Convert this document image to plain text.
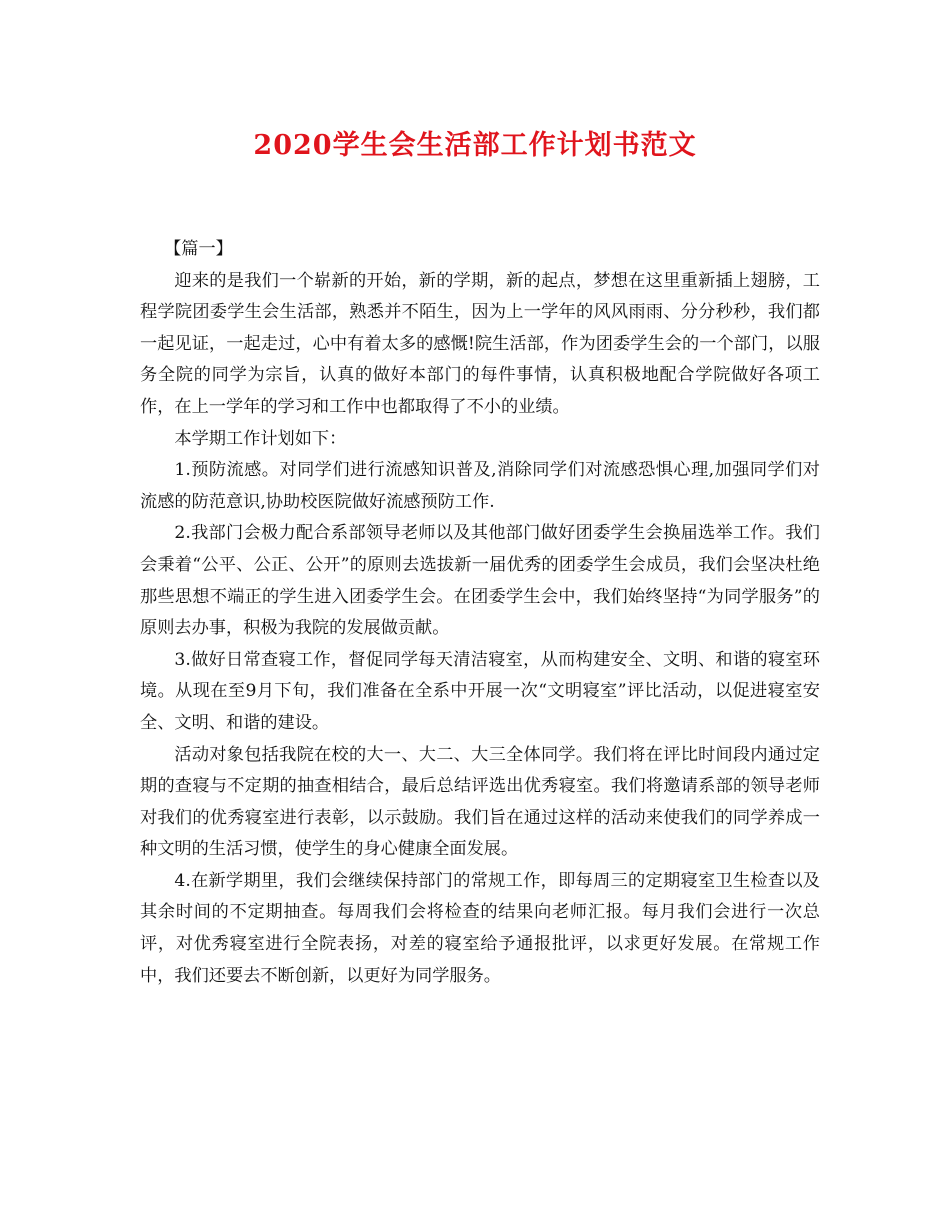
2020学生会生活部工作计划书范文

【篇一】

迎来的是我们一个崭新的开始，新的学期，新的起点，梦想在这里重新插上翅膀，工程学院团委学生会生活部，熟悉并不陌生，因为上一学年的风风雨雨、分分秒秒，我们都一起见证，一起走过，心中有着太多的感慨!院生活部，作为团委学生会的一个部门，以服务全院的同学为宗旨，认真的做好本部门的每件事情，认真积极地配合学院做好各项工作，在上一学年的学习和工作中也都取得了不小的业绩。

本学期工作计划如下：

1.预防流感。对同学们进行流感知识普及,消除同学们对流感恐惧心理,加强同学们对流感的防范意识,协助校医院做好流感预防工作.

2.我部门会极力配合系部领导老师以及其他部门做好团委学生会换届选举工作。我们会秉着“公平、公正、公开”的原则去选拔新一届优秀的团委学生会成员，我们会坚决杜绝那些思想不端正的学生进入团委学生会。在团委学生会中，我们始终坚持“为同学服务”的原则去办事，积极为我院的发展做贡献。

3.做好日常查寝工作，督促同学每天清洁寝室，从而构建安全、文明、和谐的寝室环境。从现在至9月下旬，我们准备在全系中开展一次“文明寝室”评比活动，以促进寝室安全、文明、和谐的建设。

活动对象包括我院在校的大一、大二、大三全体同学。我们将在评比时间段内通过定期的查寝与不定期的抽查相结合，最后总结评选出优秀寝室。我们将邀请系部的领导老师对我们的优秀寝室进行表彰，以示鼓励。我们旨在通过这样的活动来使我们的同学养成一种文明的生活习惯，使学生的身心健康全面发展。

4.在新学期里，我们会继续保持部门的常规工作，即每周三的定期寝室卫生检查以及其余时间的不定期抽查。每周我们会将检查的结果向老师汇报。每月我们会进行一次总评，对优秀寝室进行全院表扬，对差的寝室给予通报批评，以求更好发展。在常规工作中，我们还要去不断创新，以更好为同学服务。
